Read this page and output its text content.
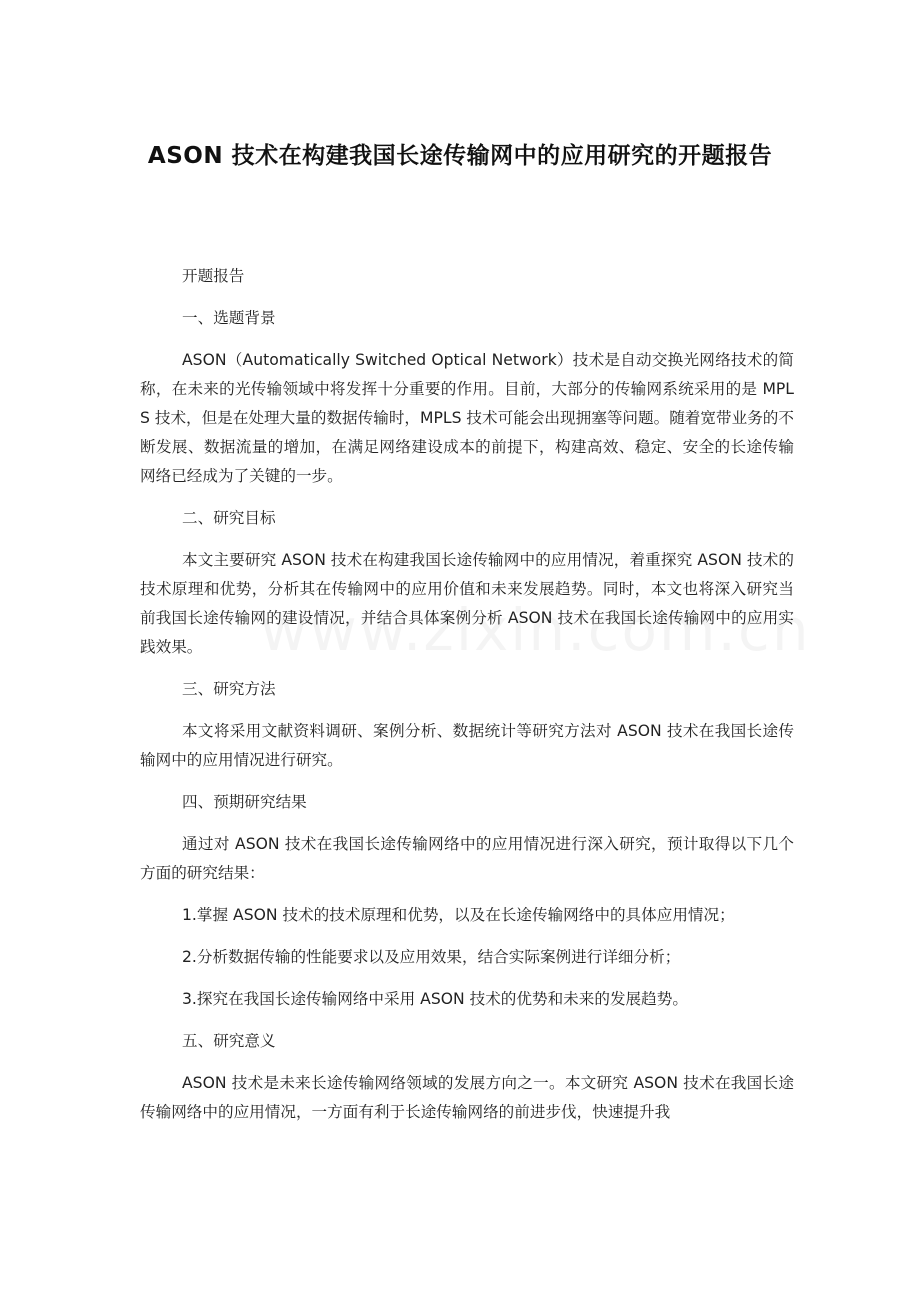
ASON 技术在构建我国长途传输网中的应用研究的开题报告

开题报告

一、选题背景

ASON（Automatically Switched Optical Network）技术是自动交换光网络技术的简称，在未来的光传输领域中将发挥十分重要的作用。目前，大部分的传输网系统采用的是 MPLS 技术，但是在处理大量的数据传输时，MPLS 技术可能会出现拥塞等问题。随着宽带业务的不断发展、数据流量的增加，在满足网络建设成本的前提下，构建高效、稳定、安全的长途传输网络已经成为了关键的一步。

二、研究目标

本文主要研究 ASON 技术在构建我国长途传输网中的应用情况，着重探究 ASON 技术的技术原理和优势，分析其在传输网中的应用价值和未来发展趋势。同时，本文也将深入研究当前我国长途传输网的建设情况，并结合具体案例分析 ASON 技术在我国长途传输网中的应用实践效果。

三、研究方法

本文将采用文献资料调研、案例分析、数据统计等研究方法对 ASON 技术在我国长途传输网中的应用情况进行研究。

四、预期研究结果

通过对 ASON 技术在我国长途传输网络中的应用情况进行深入研究，预计取得以下几个方面的研究结果：

1.掌握 ASON 技术的技术原理和优势，以及在长途传输网络中的具体应用情况；

2.分析数据传输的性能要求以及应用效果，结合实际案例进行详细分析；

3.探究在我国长途传输网络中采用 ASON 技术的优势和未来的发展趋势。

五、研究意义

ASON 技术是未来长途传输网络领域的发展方向之一。本文研究 ASON 技术在我国长途传输网络中的应用情况，一方面有利于长途传输网络的前进步伐，快速提升我
